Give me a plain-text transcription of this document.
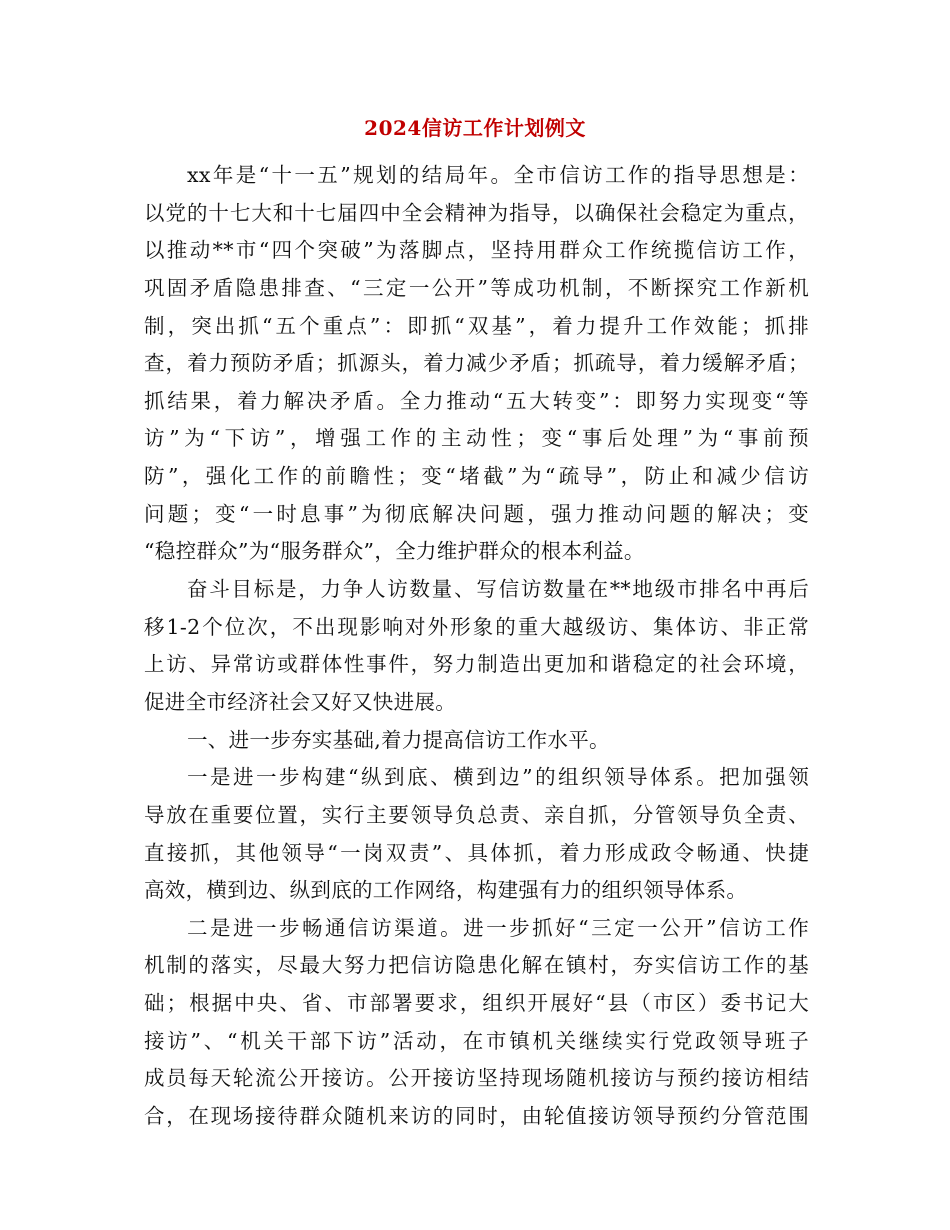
2024信访工作计划例文
xx年是“十一五”规划的结局年。全市信访工作的指导思想是：
以党的十七大和十七届四中全会精神为指导，以确保社会稳定为重点，
以推动**市“四个突破”为落脚点，坚持用群众工作统揽信访工作，
巩固矛盾隐患排查、“三定一公开”等成功机制，不断探究工作新机
制，突出抓“五个重点”：即抓“双基”，着力提升工作效能；抓排
查，着力预防矛盾；抓源头，着力减少矛盾；抓疏导，着力缓解矛盾；
抓结果，着力解决矛盾。全力推动“五大转变”：即努力实现变“等
访”为“下访”，增强工作的主动性；变“事后处理”为“事前预
防”，强化工作的前瞻性；变“堵截”为“疏导”，防止和减少信访
问题；变“一时息事”为彻底解决问题，强力推动问题的解决；变
“稳控群众”为“服务群众”，全力维护群众的根本利益。
奋斗目标是，力争人访数量、写信访数量在**地级市排名中再后
移1-2个位次，不出现影响对外形象的重大越级访、集体访、非正常
上访、异常访或群体性事件，努力制造出更加和谐稳定的社会环境，
促进全市经济社会又好又快进展。
一、进一步夯实基础,着力提高信访工作水平。
一是进一步构建“纵到底、横到边”的组织领导体系。把加强领
导放在重要位置，实行主要领导负总责、亲自抓，分管领导负全责、
直接抓，其他领导“一岗双责”、具体抓，着力形成政令畅通、快捷
高效，横到边、纵到底的工作网络，构建强有力的组织领导体系。
二是进一步畅通信访渠道。进一步抓好“三定一公开”信访工作
机制的落实，尽最大努力把信访隐患化解在镇村，夯实信访工作的基
础；根据中央、省、市部署要求，组织开展好“县（市区）委书记大
接访”、“机关干部下访”活动，在市镇机关继续实行党政领导班子
成员每天轮流公开接访。公开接访坚持现场随机接访与预约接访相结
合，在现场接待群众随机来访的同时，由轮值接访领导预约分管范围
